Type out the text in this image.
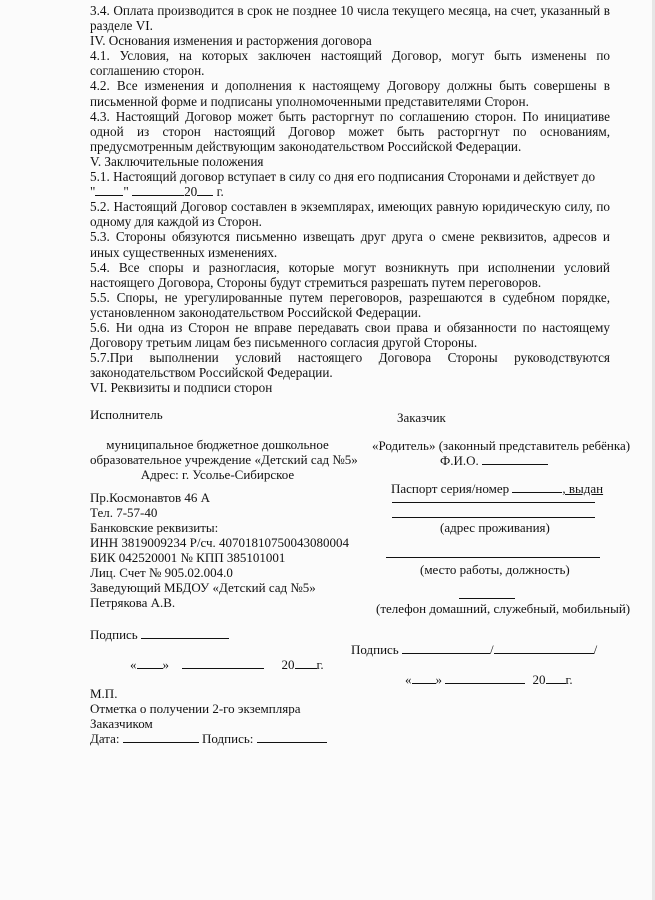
3.4. Оплата производится в срок не позднее 10 числа текущего месяца, на счет, указанный в разделе VI.

IV. Основания изменения и расторжения договора

4.1. Условия, на которых заключен настоящий Договор, могут быть изменены по соглашению сторон.

4.2. Все изменения и дополнения к настоящему Договору должны быть совершены в письменной форме и подписаны уполномоченными представителями Сторон.

4.3. Настоящий Договор может быть расторгнут по соглашению сторон. По инициативе одной из сторон настоящий Договор может быть расторгнут по основаниям, предусмотренным действующим законодательством Российской Федерации.

V. Заключительные положения

5.1. Настоящий договор вступает в силу со дня его подписания Сторонами и действует до

" "	20 г.

5.2. Настоящий Договор составлен в экземплярах, имеющих равную юридическую силу, по одному для каждой из Сторон.

5.3. Стороны обязуются письменно извещать друг друга о смене реквизитов, адресов и иных существенных изменениях.

5.4. Все споры и разногласия, которые могут возникнуть при исполнении условий настоящего Договора, Стороны будут стремиться разрешать путем переговоров.

5.5. Споры, не урегулированные путем переговоров, разрешаются в судебном порядке, установленном законодательством Российской Федерации.

5.6. Ни одна из Сторон не вправе передавать свои права и обязанности по настоящему Договору третьим лицам без письменного согласия другой Стороны.

5.7.При выполнении условий настоящего Договора Стороны руководствуются законодательством Российской Федерации.

VI. Реквизиты и подписи сторон

Исполнитель
муниципальное бюджетное дошкольное
образовательное учреждение «Детский сад №5»
Адрес: г. Усолье-Сибирское
Пр.Космонавтов 46 А
Тел. 7-57-40
Банковские реквизиты:
ИНН 3819009234 Р/сч. 40701810750043080004
БИК 042520001 № КПП 385101001
Лиц. Счет № 905.02.004.0
Заведующий МБДОУ «Детский сад №5»
Петрякова А.В.
Подпись
« »	20 г.
Заказчик
«Родитель» (законный представитель ребёнка)
Ф.И.О.
Паспорт серия/номер	, выдан
(адрес проживания)
(место работы, должность)
(телефон домашний, служебный, мобильный)
Подпись	/	/
« »	20 г.
М.П.
Отметка о получении 2-го экземпляра
Заказчиком
Дата:	Подпись:
